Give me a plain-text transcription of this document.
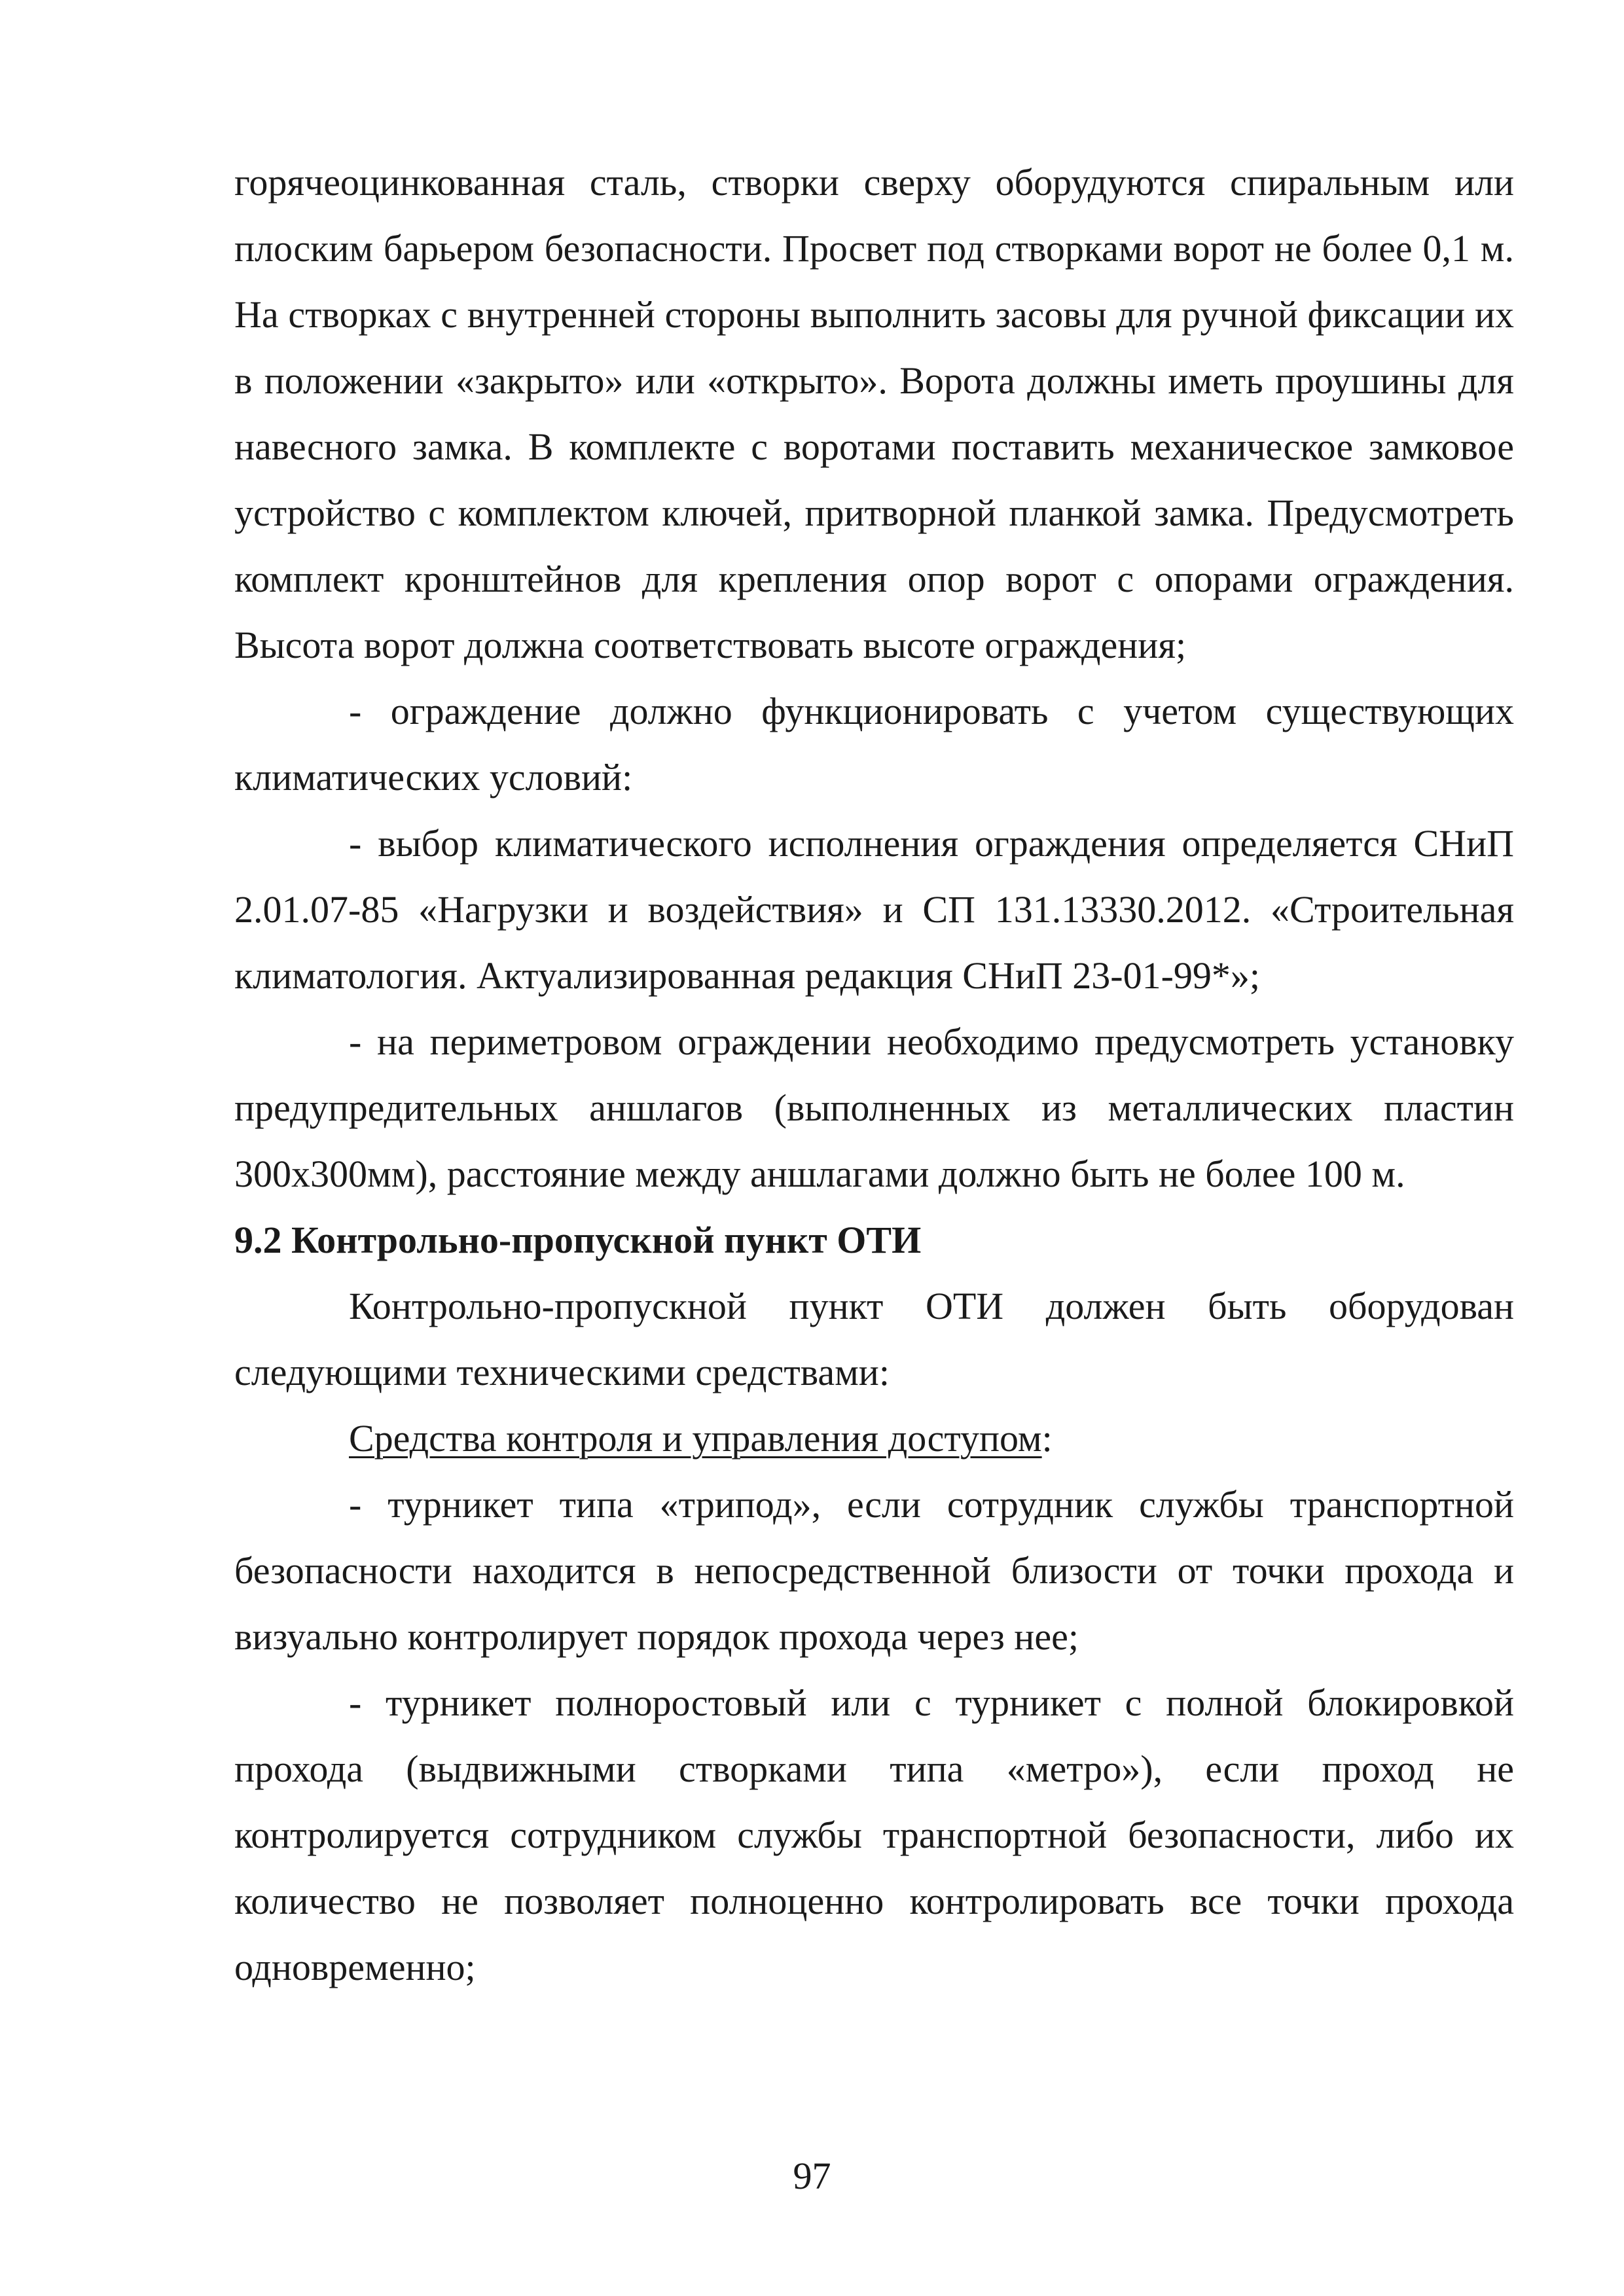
горячеоцинкованная сталь, створки сверху оборудуются спиральным или плоским барьером безопасности. Просвет под створками ворот не более 0,1 м. На створках с внутренней стороны выполнить засовы для ручной фиксации их в положении «закрыто» или «открыто». Ворота должны иметь проушины для навесного замка. В комплекте с воротами поставить механическое замковое устройство с комплектом ключей, притворной планкой замка. Предусмотреть комплект кронштейнов для крепления опор ворот с опорами ограждения. Высота ворот должна соответствовать высоте ограждения;

- ограждение должно функционировать с учетом существующих климатических условий:

- выбор климатического исполнения ограждения определяется СНиП 2.01.07-85 «Нагрузки и воздействия» и СП 131.13330.2012. «Строительная климатология. Актуализированная редакция СНиП 23-01-99*»;

- на периметровом ограждении необходимо предусмотреть установку предупредительных аншлагов (выполненных из металлических пластин 300х300мм), расстояние между аншлагами должно быть не более 100 м.

9.2 Контрольно-пропускной пункт ОТИ

Контрольно-пропускной пункт ОТИ должен быть оборудован следующими техническими средствами:

Средства контроля и управления доступом:

- турникет типа «трипод», если сотрудник службы транспортной безопасности находится в непосредственной близости от точки прохода и визуально контролирует порядок прохода через нее;

- турникет полноростовый или с турникет с полной блокировкой прохода (выдвижными створками типа «метро»), если проход не контролируется сотрудником службы транспортной безопасности, либо их количество не позволяет полноценно контролировать все точки прохода одновременно;

97
